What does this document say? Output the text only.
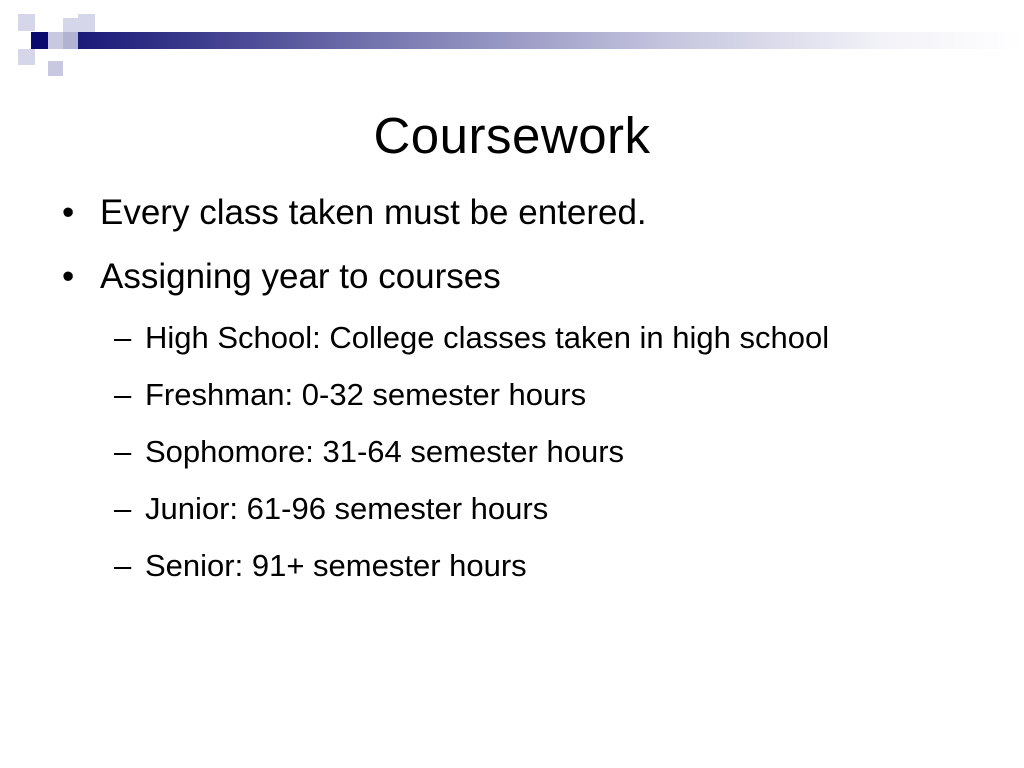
Coursework
• Every class taken must be entered.
• Assigning year to courses
– High School: College classes taken in high school
– Freshman: 0-32 semester hours
– Sophomore: 31-64 semester hours
– Junior: 61-96 semester hours
– Senior: 91+ semester hours
